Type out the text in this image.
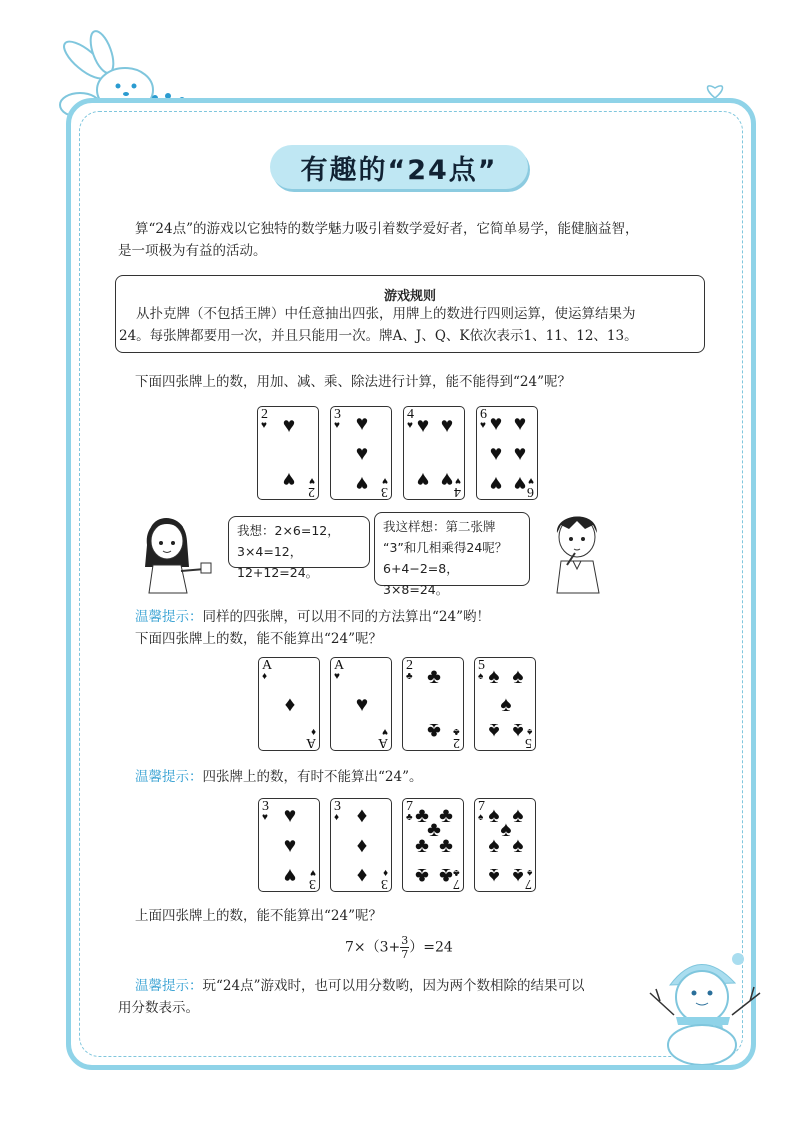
有趣的“24点”
算“24点”的游戏以它独特的数学魅力吸引着数学爱好者，它简单易学，能健脑益智，
是一项极为有益的活动。
游戏规则
从扑克牌（不包括王牌）中任意抽出四张，用牌上的数进行四则运算，使运算结果为
24。每张牌都要用一次，并且只能用一次。牌A、J、Q、K依次表示1、11、12、13。
下面四张牌上的数，用加、减、乘、除法进行计算，能不能得到“24”呢？
2
♥
2
♥
♥
♥
3
♥
3
♥
♥
♥
♥
4
♥
4
♥
♥ ♥
♥ ♥
6
♥
6
♥
♥ ♥
♥ ♥
♥ ♥
我想：2×6=12，
3×4=12，12+12=24。
我这样想：第二张牌
“3”和几相乘得24呢？
6+4−2=8，3×8=24。
温馨提示：同样的四张牌，可以用不同的方法算出“24”哟！
下面四张牌上的数，能不能算出“24”呢？
A
♦
A
♦
♦
A
♥
A
♥
♥
2
♣
2
♣
♣
♣
5
♠
5
♠
♠ ♠
♠
♠ ♠
温馨提示：四张牌上的数，有时不能算出“24”。
3
♥
3
♥
♥
♥
♥
3
♦
3
♦
♦
♦
♦
7
♣
7
♣
♣ ♣
♣
♣ ♣
♣ ♣
7
♠
7
♠
♠ ♠
♠
♠ ♠
♠ ♠
上面四张牌上的数，能不能算出“24”呢？
$7\times(3+ \frac{3}{7} )=24$
温馨提示：玩“24点”游戏时，也可以用分数哟，因为两个数相除的结果可以
用分数表示。
